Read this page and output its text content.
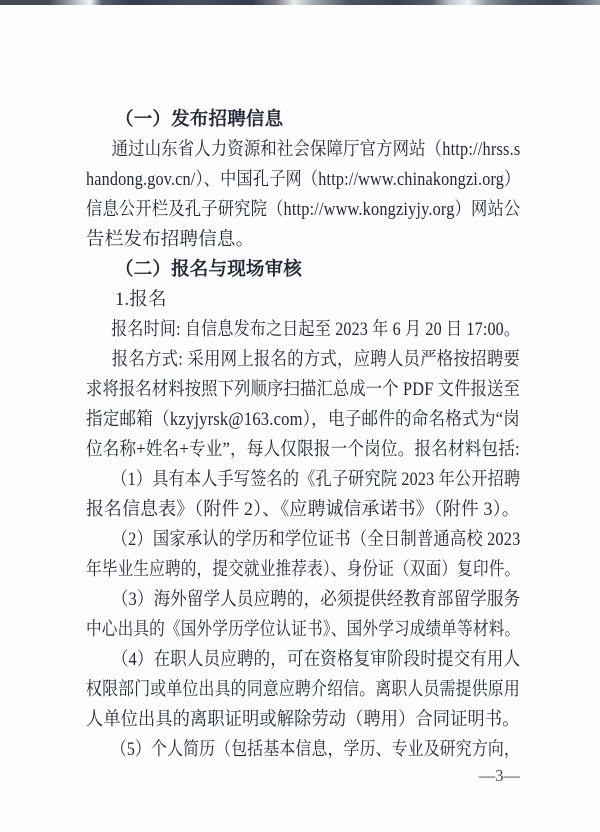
（一）发布招聘信息
通过山东省人力资源和社会保障厅官方网站（http://hrss.s
handong.gov.cn/）、中国孔子网（http://www.chinakongzi.org）
信息公开栏及孔子研究院（http://www.kongziyjy.org）网站公
告栏发布招聘信息。
（二）报名与现场审核
1.报名
报名时间: 自信息发布之日起至 2023 年 6 月 20 日 17:00。
报名方式: 采用网上报名的方式，应聘人员严格按招聘要
求将报名材料按照下列顺序扫描汇总成一个 PDF 文件报送至
指定邮箱（kzyjyrsk@163.com），电子邮件的命名格式为“岗
位名称+姓名+专业”，每人仅限报一个岗位。报名材料包括:
（1）具有本人手写签名的《孔子研究院 2023 年公开招聘
报名信息表》（附件 2）、《应聘诚信承诺书》（附件 3）。
（2）国家承认的学历和学位证书（全日制普通高校 2023
年毕业生应聘的，提交就业推荐表）、身份证（双面）复印件。
（3）海外留学人员应聘的，必须提供经教育部留学服务
中心出具的《国外学历学位认证书》、国外学习成绩单等材料。
（4）在职人员应聘的，可在资格复审阶段时提交有用人
权限部门或单位出具的同意应聘介绍信。离职人员需提供原用
人单位出具的离职证明或解除劳动（聘用）合同证明书。
（5）个人简历（包括基本信息，学历、专业及研究方向，
—3—
